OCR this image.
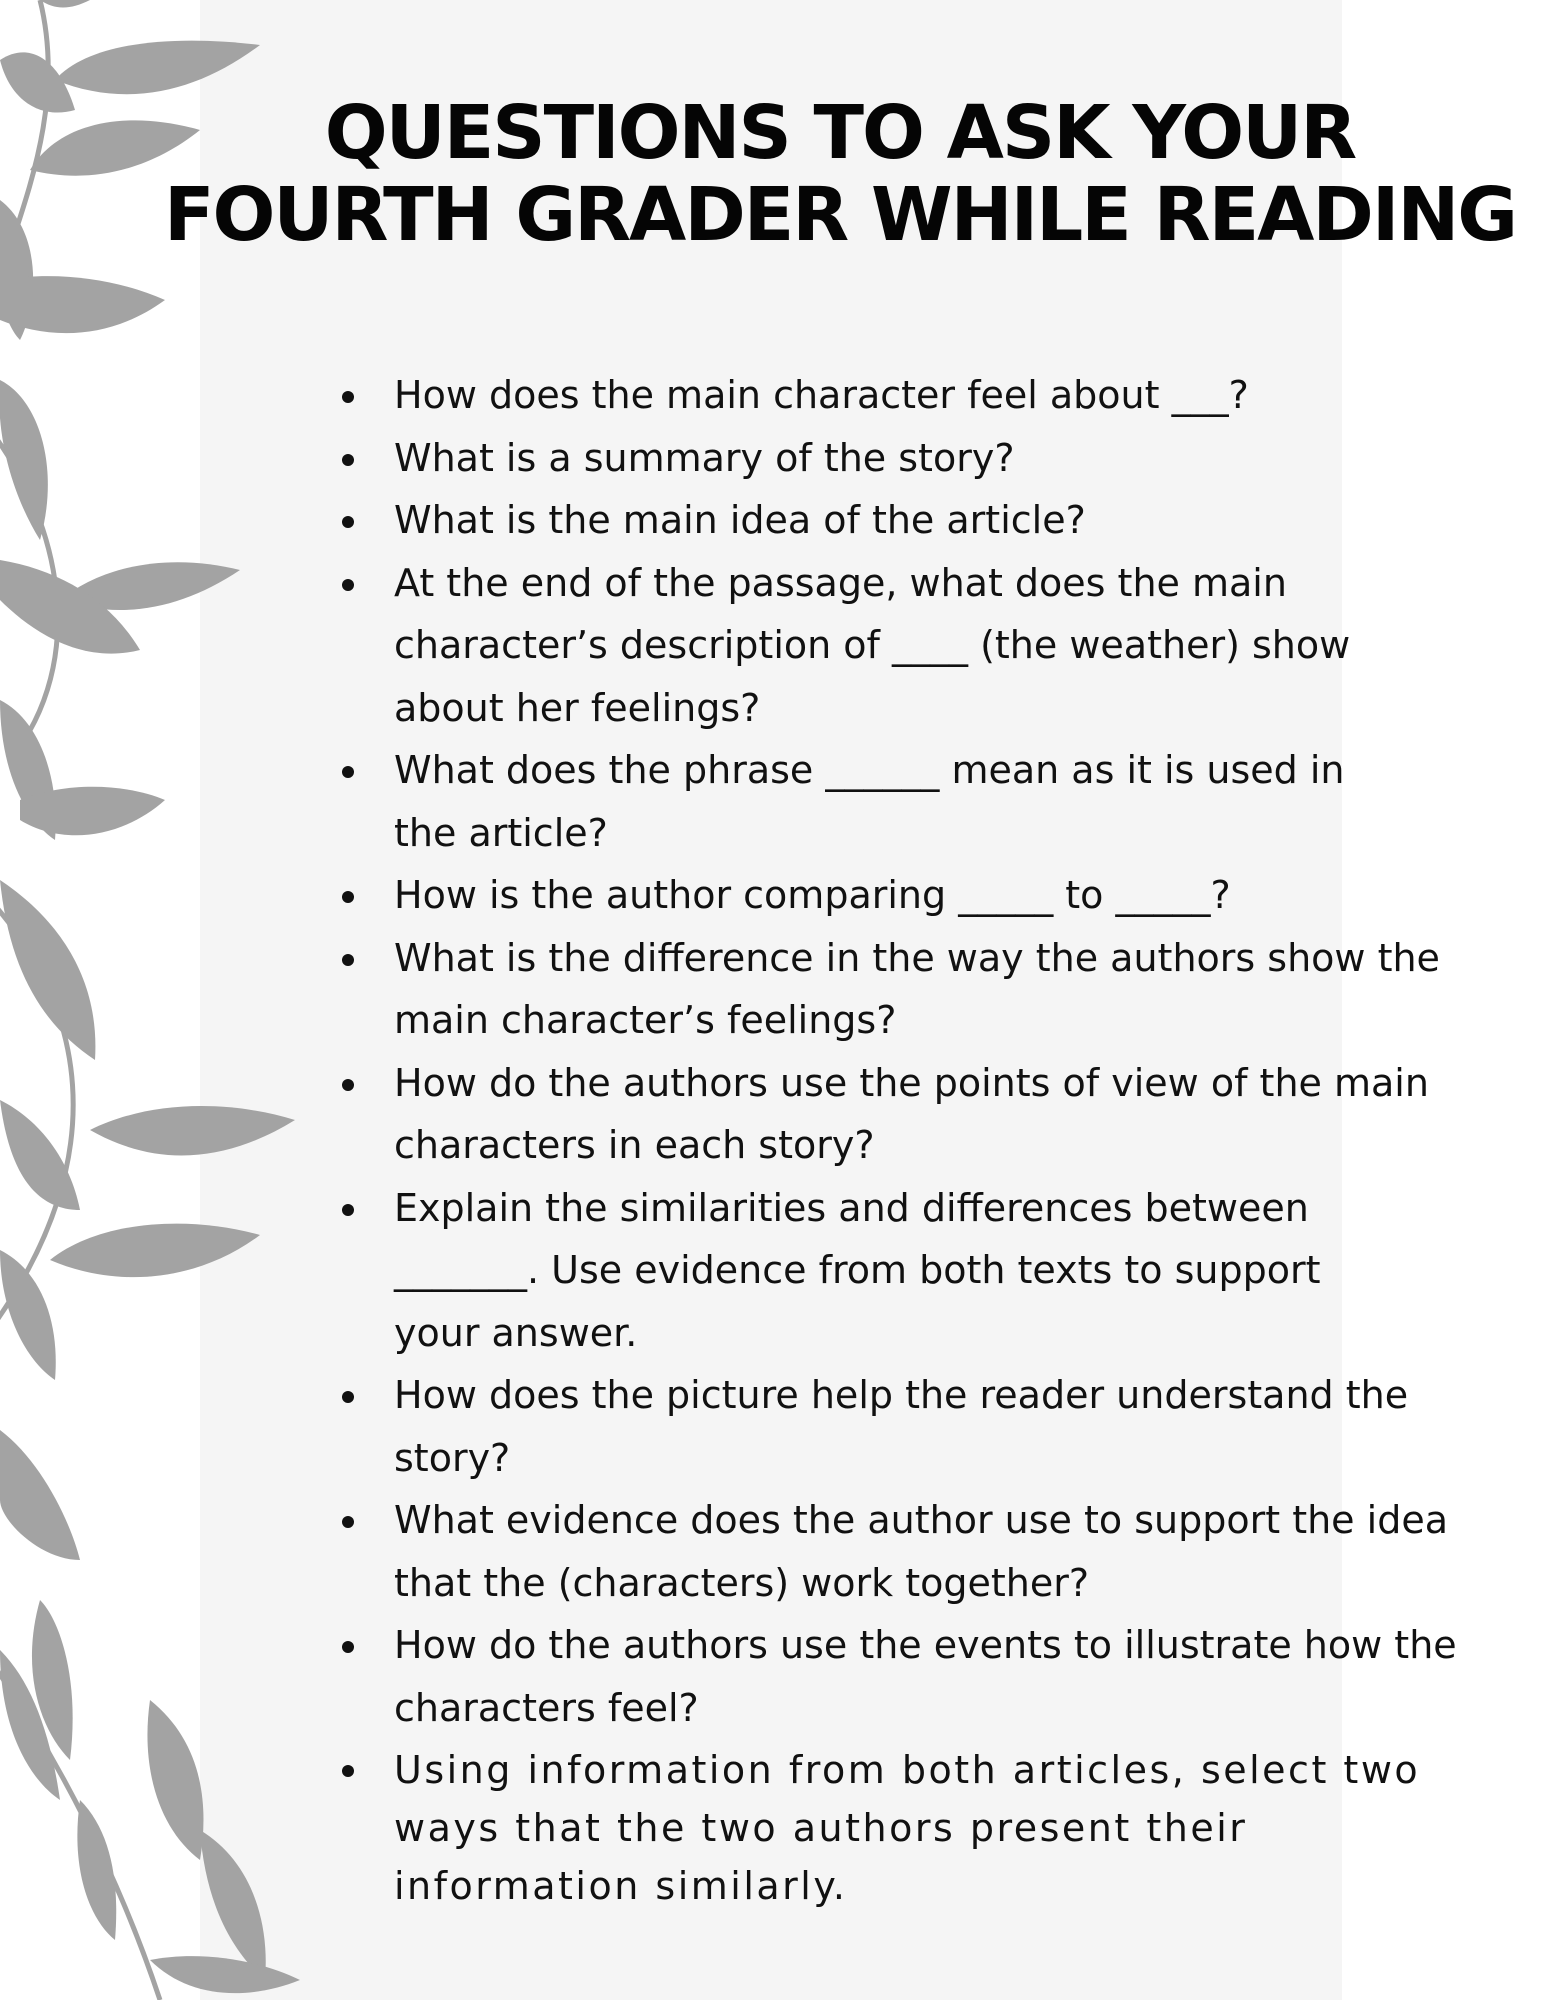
QUESTIONS TO ASK YOUR
FOURTH GRADER WHILE READING
How does the main character feel about ___?
What is a summary of the story?
What is the main idea of the article?
At the end of the passage, what does the main
character’s description of ____ (the weather) show
about her feelings?
What does the phrase ______ mean as it is used in
the article?
How is the author comparing _____ to _____?
What is the difference in the way the authors show the
main character’s feelings?
How do the authors use the points of view of the main
characters in each story?
Explain the similarities and differences between
_______. Use evidence from both texts to support
your answer.
How does the picture help the reader understand the
story?
What evidence does the author use to support the idea
that the (characters) work together?
How do the authors use the events to illustrate how the
characters feel?
Using information from both articles, select two
ways that the two authors present their
information similarly.
